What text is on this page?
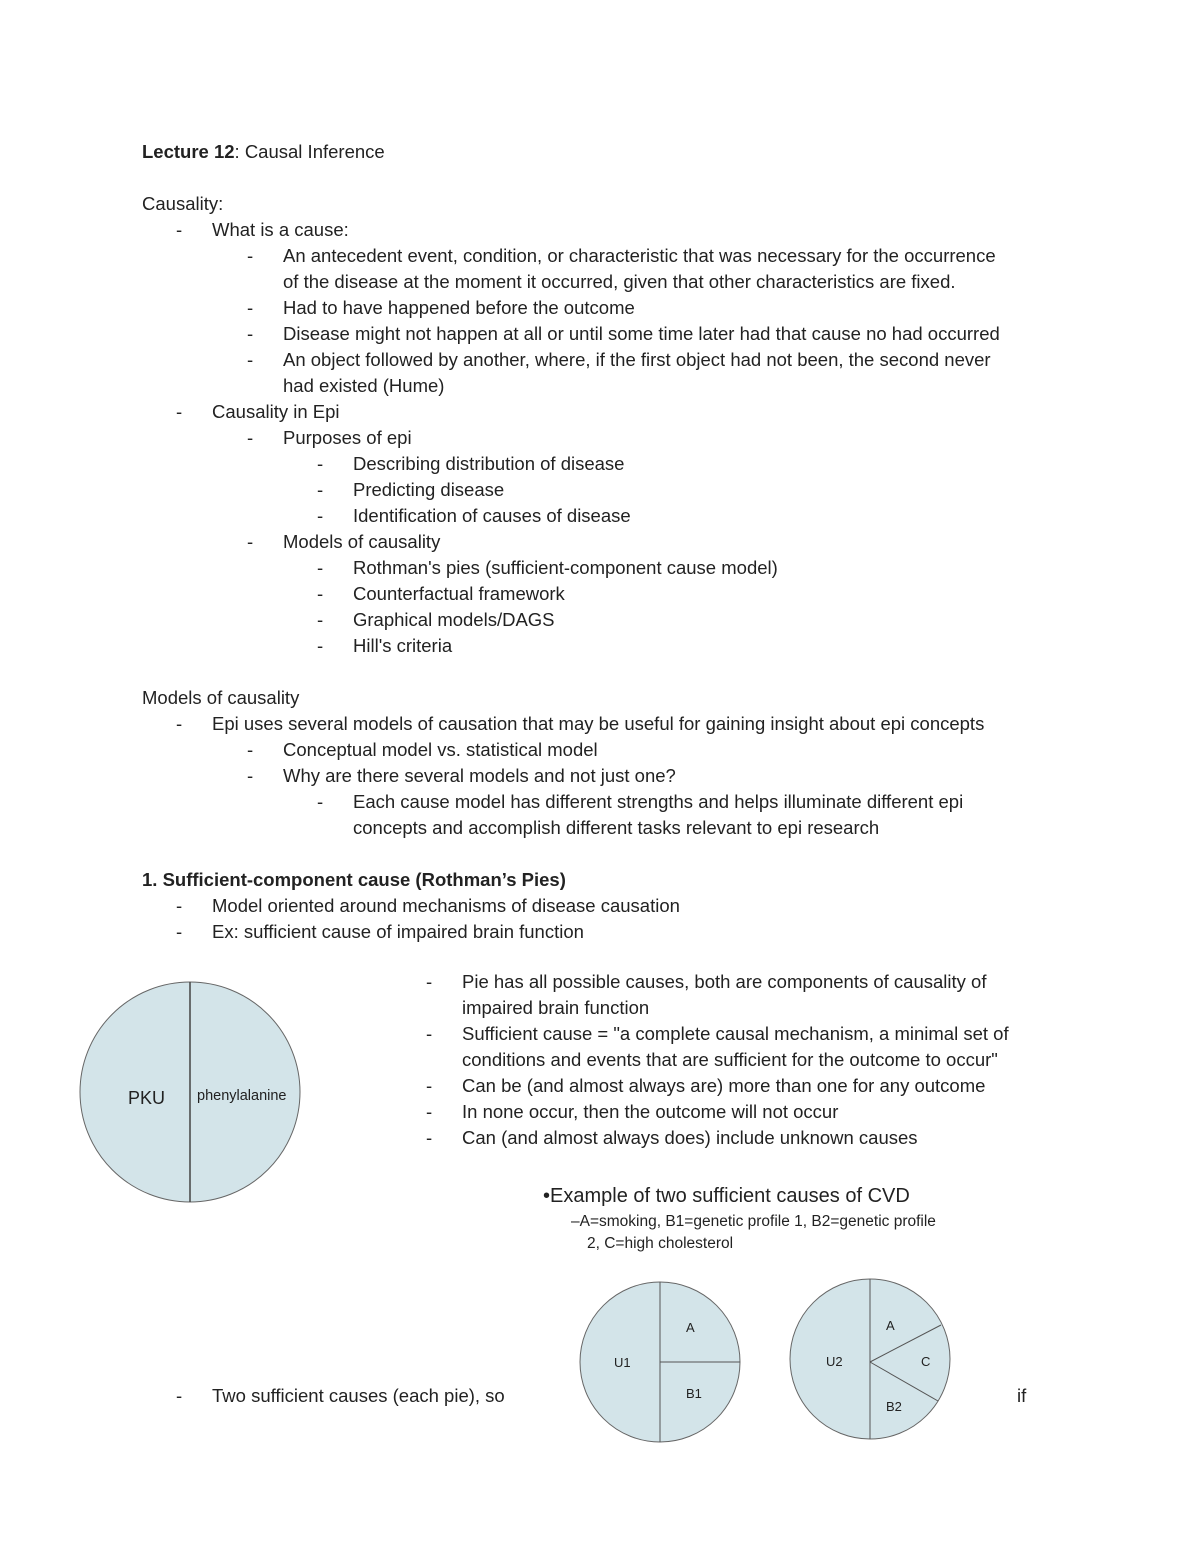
Lecture 12: Causal Inference
Causality:
- What is a cause:
- An antecedent event, condition, or characteristic that was necessary for the occurrence
of the disease at the moment it occurred, given that other characteristics are fixed.
- Had to have happened before the outcome
- Disease might not happen at all or until some time later had that cause no had occurred
- An object followed by another, where, if the first object had not been, the second never
had existed (Hume)
- Causality in Epi
- Purposes of epi
- Describing distribution of disease
- Predicting disease
- Identification of causes of disease
- Models of causality
- Rothman's pies (sufficient-component cause model)
- Counterfactual framework
- Graphical models/DAGS
- Hill's criteria
Models of causality
- Epi uses several models of causation that may be useful for gaining insight about epi concepts
- Conceptual model vs. statistical model
- Why are there several models and not just one?
- Each cause model has different strengths and helps illuminate different epi
concepts and accomplish different tasks relevant to epi research
1. Sufficient-component cause (Rothman’s Pies)
- Model oriented around mechanisms of disease causation
- Ex: sufficient cause of impaired brain function
PKU phenylalanine
- Pie has all possible causes, both are components of causality of
impaired brain function
- Sufficient cause = "a complete causal mechanism, a minimal set of
conditions and events that are sufficient for the outcome to occur"
- Can be (and almost always are) more than one for any outcome
- In none occur, then the outcome will not occur
- Can (and almost always does) include unknown causes
•Example of two sufficient causes of CVD
–A=smoking, B1=genetic profile 1, B2=genetic profile
2, C=high cholesterol
U1
A
B1
U2
A
C
B2
- Two sufficient causes (each pie), so	if
